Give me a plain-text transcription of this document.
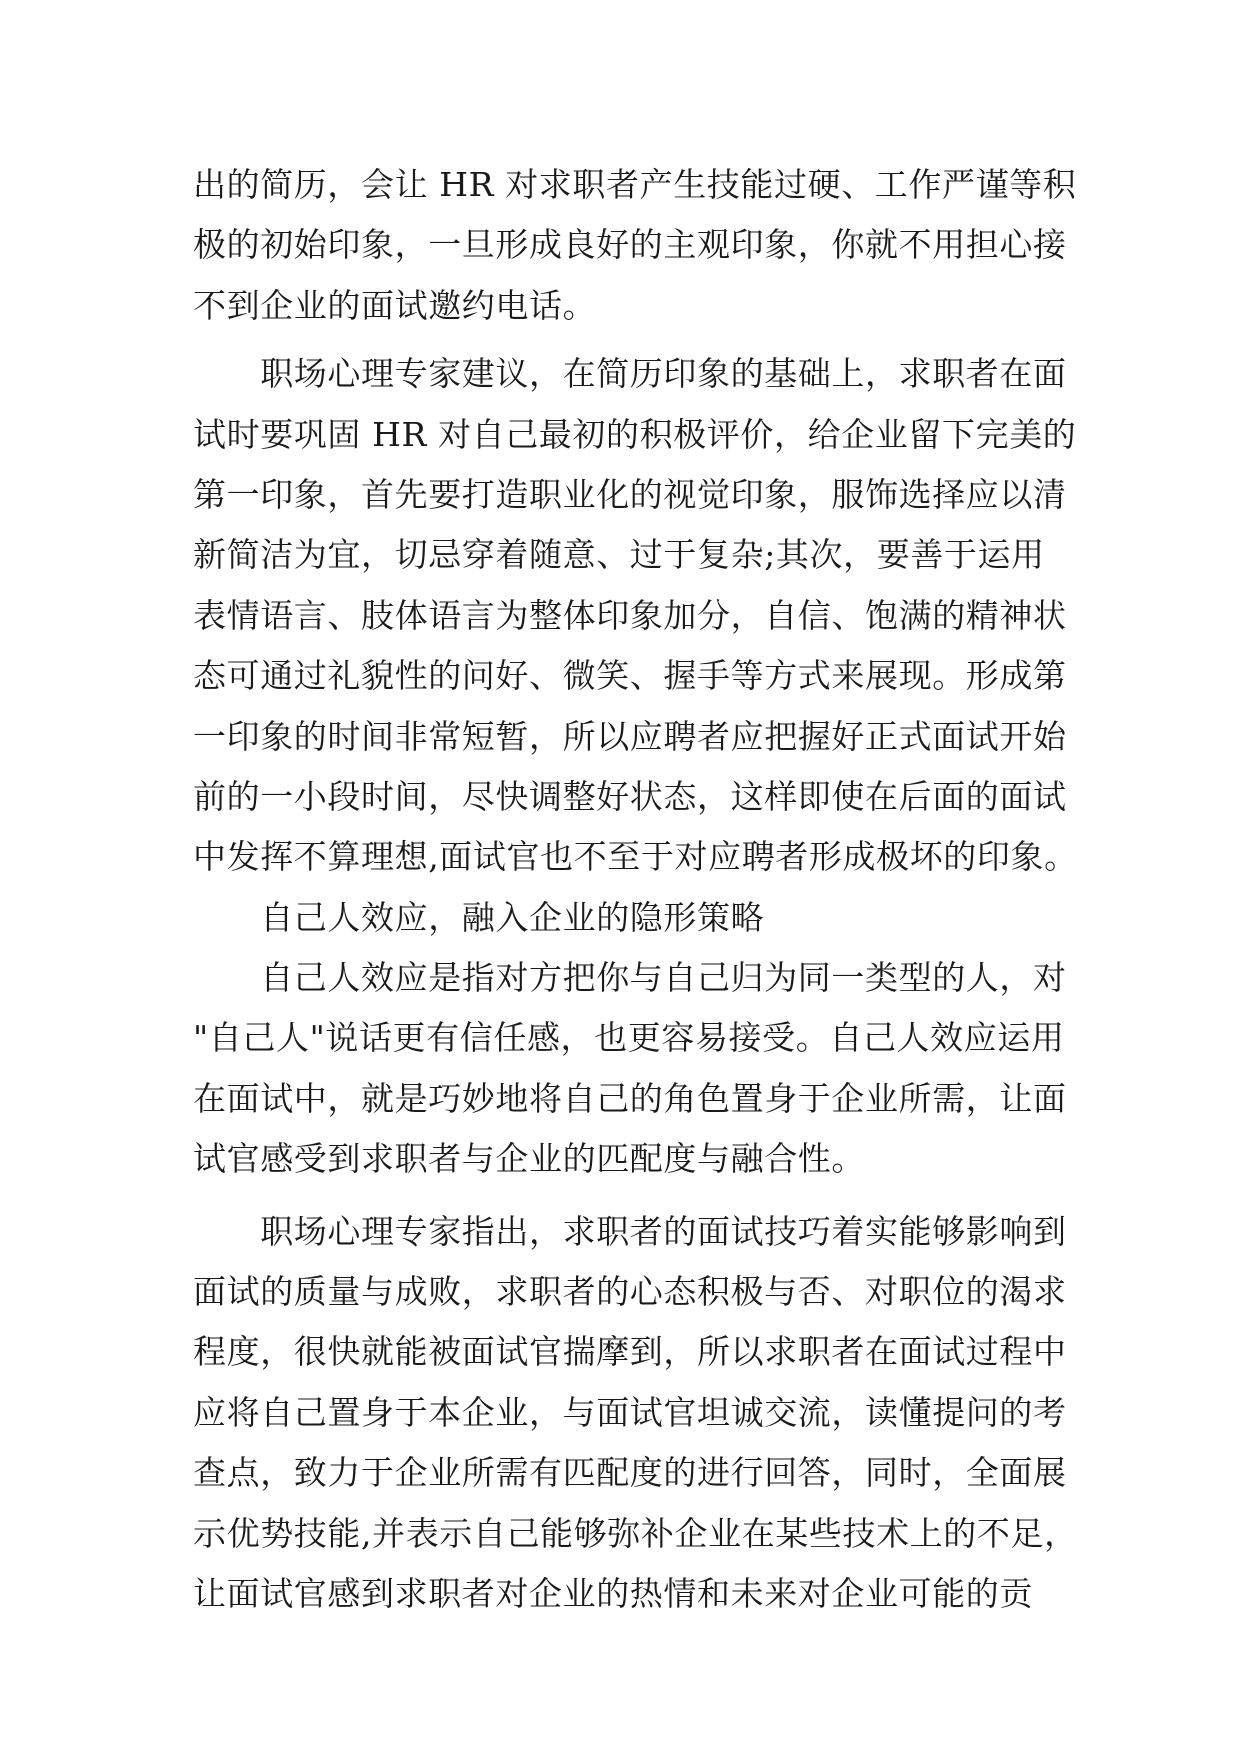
出的简历，会让 HR 对求职者产生技能过硬、工作严谨等积
极的初始印象，一旦形成良好的主观印象，你就不用担心接
不到企业的面试邀约电话。
　　职场心理专家建议，在简历印象的基础上，求职者在面
试时要巩固 HR 对自己最初的积极评价，给企业留下完美的
第一印象，首先要打造职业化的视觉印象，服饰选择应以清
新简洁为宜，切忌穿着随意、过于复杂;其次，要善于运用
表情语言、肢体语言为整体印象加分，自信、饱满的精神状
态可通过礼貌性的问好、微笑、握手等方式来展现。形成第
一印象的时间非常短暂，所以应聘者应把握好正式面试开始
前的一小段时间，尽快调整好状态，这样即使在后面的面试
中发挥不算理想,面试官也不至于对应聘者形成极坏的印象。
　　自己人效应，融入企业的隐形策略
　　自己人效应是指对方把你与自己归为同一类型的人，对
"自己人"说话更有信任感，也更容易接受。自己人效应运用
在面试中，就是巧妙地将自己的角色置身于企业所需，让面
试官感受到求职者与企业的匹配度与融合性。
　　职场心理专家指出，求职者的面试技巧着实能够影响到
面试的质量与成败，求职者的心态积极与否、对职位的渴求
程度，很快就能被面试官揣摩到，所以求职者在面试过程中
应将自己置身于本企业，与面试官坦诚交流，读懂提问的考
查点，致力于企业所需有匹配度的进行回答，同时，全面展
示优势技能,并表示自己能够弥补企业在某些技术上的不足，
让面试官感到求职者对企业的热情和未来对企业可能的贡
